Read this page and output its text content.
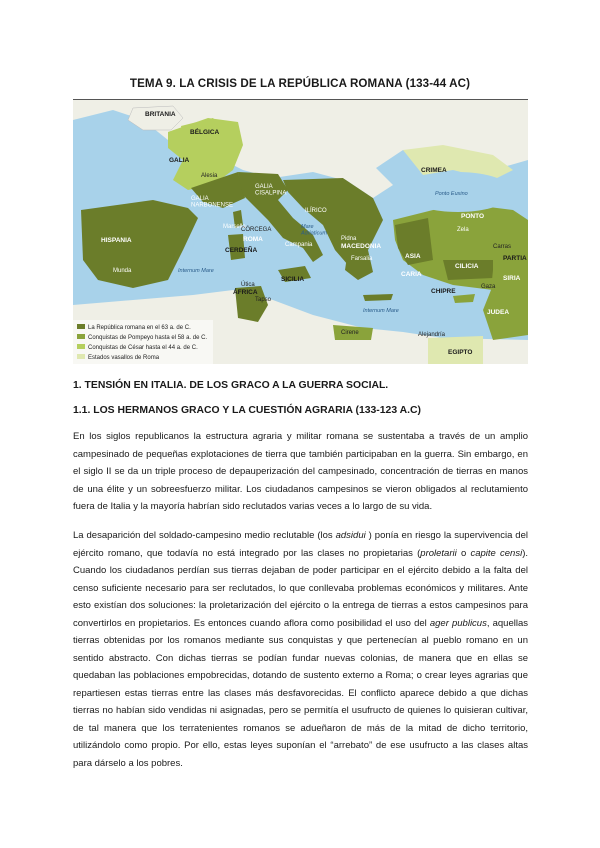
TEMA 9. LA CRISIS DE LA REPÚBLICA ROMANA (133-44 AC)
BRITANIA
BÉLGICA
GALIA
Alesia
GALIA NARBONENSE
Marsella
GALIA CISALPINA
HISPANIA
Munda
ROMA
CÓRCEGA
CERDEÑA
ILÍRICO
Mare Adriaticum
Campania
Pidna
MACEDONIA
Farsalia
SICILIA
Útica
Tapso
ÁFRICA
Internum Mare
Internum Mare
CRIMEA
Ponto Euxino
PONTO
Zela
ASIA
CARIA
CILICIA
Carras
PARTIA
SIRIA
CHIPRE
Gaza
JUDEA
Cirene	Alejandría
EGIPTO
La República romana en el 63 a. de C.
Conquistas de Pompeyo hasta el 58 a. de C.
Conquistas de César hasta el 44 a. de C.
Estados vasallos de Roma
1. TENSIÓN EN ITALIA. DE LOS GRACO A LA GUERRA SOCIAL.
1.1. LOS HERMANOS GRACO Y LA CUESTIÓN AGRARIA (133-123 A.C)
En los siglos republicanos la estructura agraria y militar romana se sustentaba a través de un amplio campesinado de pequeñas explotaciones de tierra que también participaban en la guerra. Sin embargo, en el siglo II se da un triple proceso de depauperización del campesinado, concentración de tierras en manos de una élite y un sobreesfuerzo militar. Los ciudadanos campesinos se vieron obligados al reclutamiento fuera de Italia y la mayoría habrían sido reclutados varias veces a lo largo de su vida.
La desaparición del soldado-campesino medio reclutable (los adsidui ) ponía en riesgo la supervivencia del ejército romano, que todavía no está integrado por las clases no propietarias (proletarii o capite censi). Cuando los ciudadanos perdían sus tierras dejaban de poder participar en el ejército debido a la falta del censo suficiente necesario para ser reclutados, lo que conllevaba problemas económicos y militares. Ante esto existían dos soluciones: la proletarización del ejército o la entrega de tierras a estos campesinos para convertirlos en propietarios. Es entonces cuando aflora como posibilidad el uso del ager publicus, aquellas tierras obtenidas por los romanos mediante sus conquistas y que pertenecían al pueblo romano en un sentido abstracto. Con dichas tierras se podían fundar nuevas colonias, de manera que en ellas se quedaban las poblaciones empobrecidas, dotando de sustento externo a Roma; o crear leyes agrarias que repartiesen estas tierras entre las clases más desfavorecidas. El conflicto aparece debido a que dichas tierras no habían sido vendidas ni asignadas, pero se permitía el usufructo de quienes lo quisieran cultivar, de tal manera que los terratenientes romanos se adueñaron de más de la mitad de dicho territorio, utilizándolo como propio. Por ello, estas leyes suponían el “arrebato” de ese usufructo a las clases altas para dárselo a los pobres.
